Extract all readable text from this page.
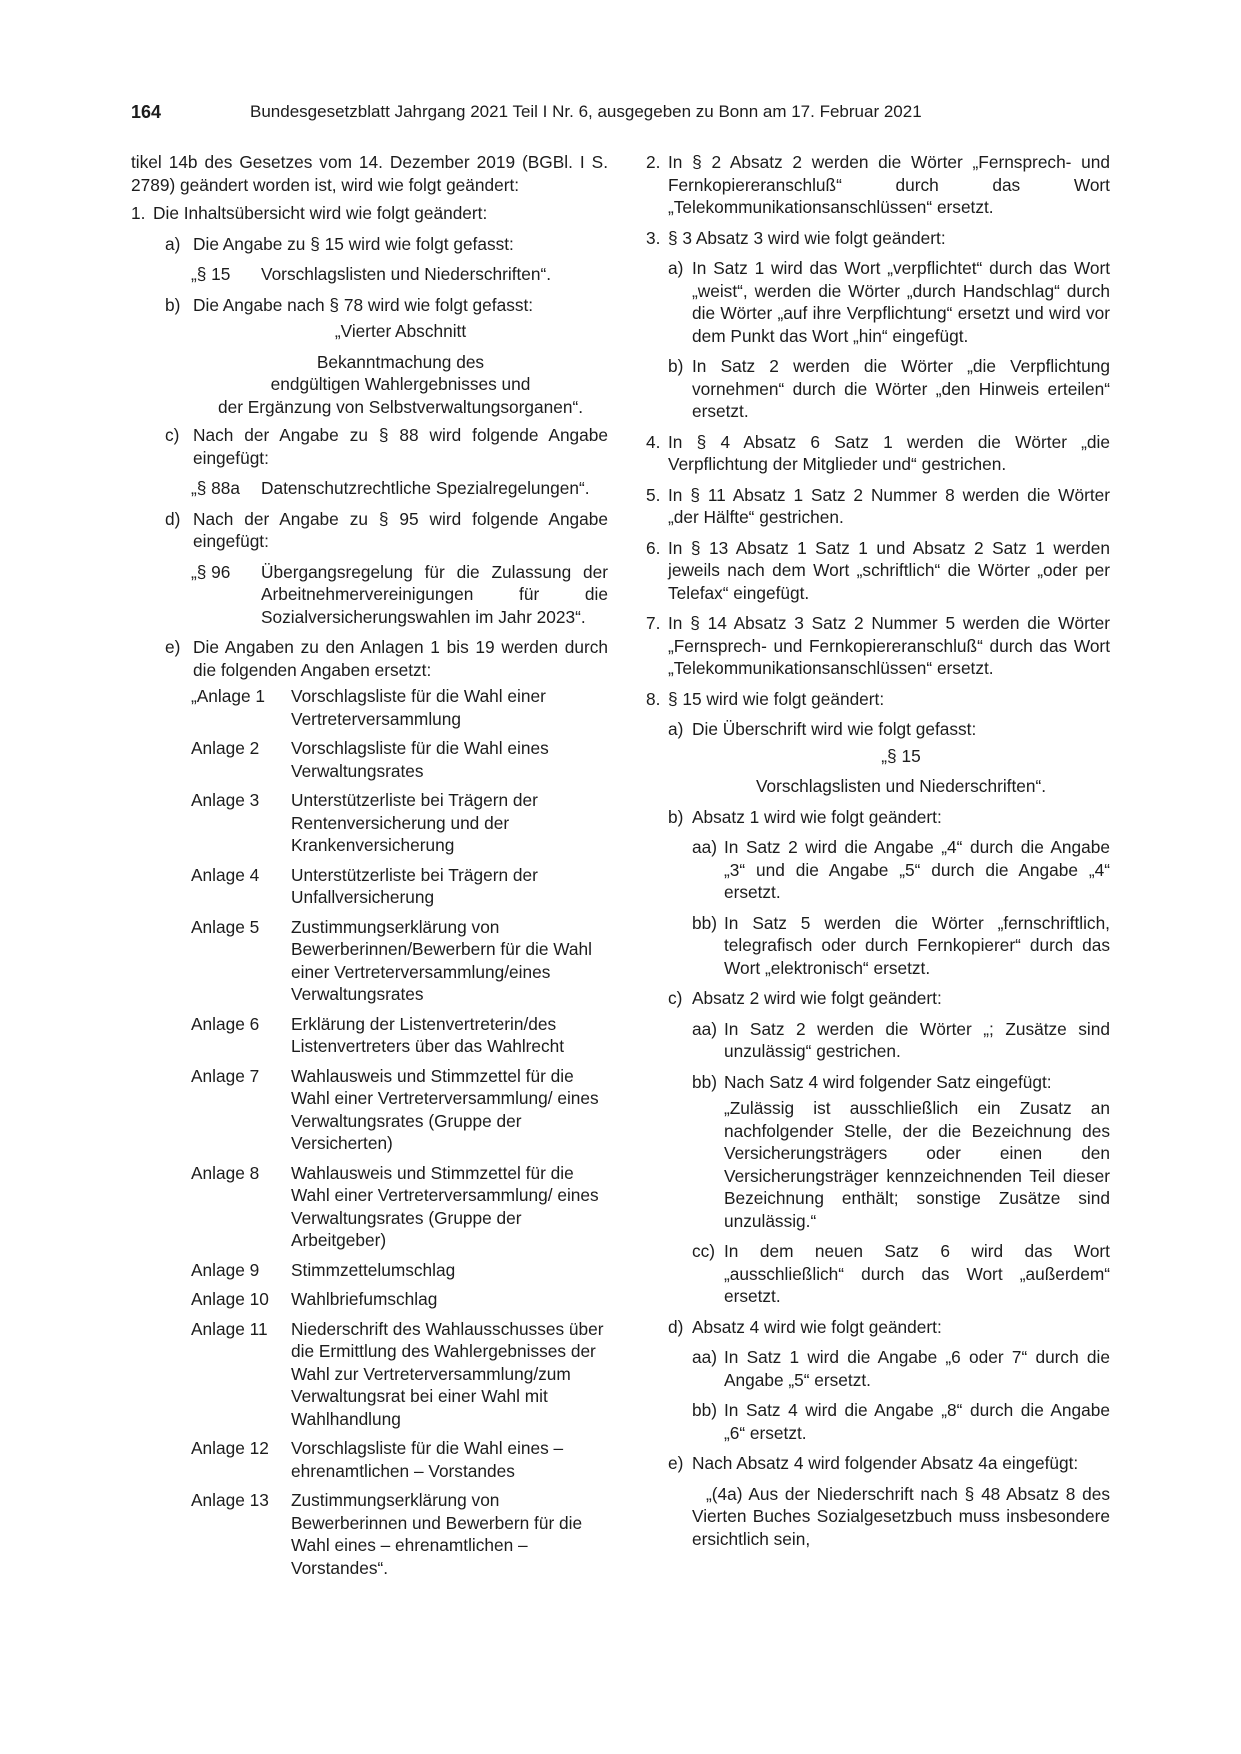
164	Bundesgesetzblatt Jahrgang 2021 Teil I Nr. 6, ausgegeben zu Bonn am 17. Februar 2021

tikel 14b des Gesetzes vom 14. Dezember 2019 (BGBl. I S. 2789) geändert worden ist, wird wie folgt geändert:

1. Die Inhaltsübersicht wird wie folgt geändert:
a) Die Angabe zu § 15 wird wie folgt gefasst:
„§ 15	Vorschlagslisten und Niederschriften“.
b) Die Angabe nach § 78 wird wie folgt gefasst:

„Vierter Abschnitt

Bekanntmachung des

endgültigen Wahlergebnisses und

der Ergänzung von Selbstverwaltungsorganen“.

c) Nach der Angabe zu § 88 wird folgende Angabe eingefügt:
„§ 88a	Datenschutzrechtliche Spezialregelungen“.
d) Nach der Angabe zu § 95 wird folgende Angabe eingefügt:
„§ 96	Übergangsregelung für die Zulassung der Arbeitnehmervereinigungen für die Sozialversicherungswahlen im Jahr 2023“.
e) Die Angaben zu den Anlagen 1 bis 19 werden durch die folgenden Angaben ersetzt:
„Anlage 1	Vorschlagsliste für die Wahl einer Vertreterversammlung
Anlage 2	Vorschlagsliste für die Wahl eines Verwaltungsrates
Anlage 3	Unterstützerliste bei Trägern der Rentenversicherung und der Krankenversicherung
Anlage 4	Unterstützerliste bei Trägern der Unfallversicherung
Anlage 5	Zustimmungserklärung von Bewerberinnen/Bewerbern für die Wahl einer Vertreterversammlung/eines Verwaltungsrates
Anlage 6	Erklärung der Listenvertreterin/des Listenvertreters über das Wahlrecht
Anlage 7	Wahlausweis und Stimmzettel für die Wahl einer Vertreterversammlung/ eines Verwaltungsrates (Gruppe der Versicherten)
Anlage 8	Wahlausweis und Stimmzettel für die Wahl einer Vertreterversammlung/ eines Verwaltungsrates (Gruppe der Arbeitgeber)
Anlage 9	Stimmzettelumschlag
Anlage 10	Wahlbriefumschlag
Anlage 11	Niederschrift des Wahlausschusses über die Ermittlung des Wahlergebnisses der Wahl zur Vertreterversammlung/zum Verwaltungsrat bei einer Wahl mit Wahlhandlung
Anlage 12	Vorschlagsliste für die Wahl eines – ehrenamtlichen – Vorstandes
Anlage 13	Zustimmungserklärung von Bewerberinnen und Bewerbern für die Wahl eines – ehrenamtlichen – Vorstandes“.
2. In § 2 Absatz 2 werden die Wörter „Fernsprech- und Fernkopiereranschluß“ durch das Wort „Telekommunikationsanschlüssen“ ersetzt.
3. § 3 Absatz 3 wird wie folgt geändert:
a) In Satz 1 wird das Wort „verpflichtet“ durch das Wort „weist“, werden die Wörter „durch Handschlag“ durch die Wörter „auf ihre Verpflichtung“ ersetzt und wird vor dem Punkt das Wort „hin“ eingefügt.
b) In Satz 2 werden die Wörter „die Verpflichtung vornehmen“ durch die Wörter „den Hinweis erteilen“ ersetzt.
4. In § 4 Absatz 6 Satz 1 werden die Wörter „die Verpflichtung der Mitglieder und“ gestrichen.
5. In § 11 Absatz 1 Satz 2 Nummer 8 werden die Wörter „der Hälfte“ gestrichen.
6. In § 13 Absatz 1 Satz 1 und Absatz 2 Satz 1 werden jeweils nach dem Wort „schriftlich“ die Wörter „oder per Telefax“ eingefügt.
7. In § 14 Absatz 3 Satz 2 Nummer 5 werden die Wörter „Fernsprech- und Fernkopiereranschluß“ durch das Wort „Telekommunikationsanschlüssen“ ersetzt.
8. § 15 wird wie folgt geändert:
a) Die Überschrift wird wie folgt gefasst:

„§ 15

Vorschlagslisten und Niederschriften“.

b) Absatz 1 wird wie folgt geändert:
aa) In Satz 2 wird die Angabe „4“ durch die Angabe „3“ und die Angabe „5“ durch die Angabe „4“ ersetzt.
bb) In Satz 5 werden die Wörter „fernschriftlich, telegrafisch oder durch Fernkopierer“ durch das Wort „elektronisch“ ersetzt.
c) Absatz 2 wird wie folgt geändert:
aa) In Satz 2 werden die Wörter „; Zusätze sind unzulässig“ gestrichen.
bb) Nach Satz 4 wird folgender Satz eingefügt:

„Zulässig ist ausschließlich ein Zusatz an nachfolgender Stelle, der die Bezeichnung des Versicherungsträgers oder einen den Versicherungsträger kennzeichnenden Teil dieser Bezeichnung enthält; sonstige Zusätze sind unzulässig.“

cc) In dem neuen Satz 6 wird das Wort „ausschließlich“ durch das Wort „außerdem“ ersetzt.
d) Absatz 4 wird wie folgt geändert:
aa) In Satz 1 wird die Angabe „6 oder 7“ durch die Angabe „5“ ersetzt.
bb) In Satz 4 wird die Angabe „8“ durch die Angabe „6“ ersetzt.
e) Nach Absatz 4 wird folgender Absatz 4a eingefügt:

„(4a) Aus der Niederschrift nach § 48 Absatz 8 des Vierten Buches Sozialgesetzbuch muss insbesondere ersichtlich sein,
